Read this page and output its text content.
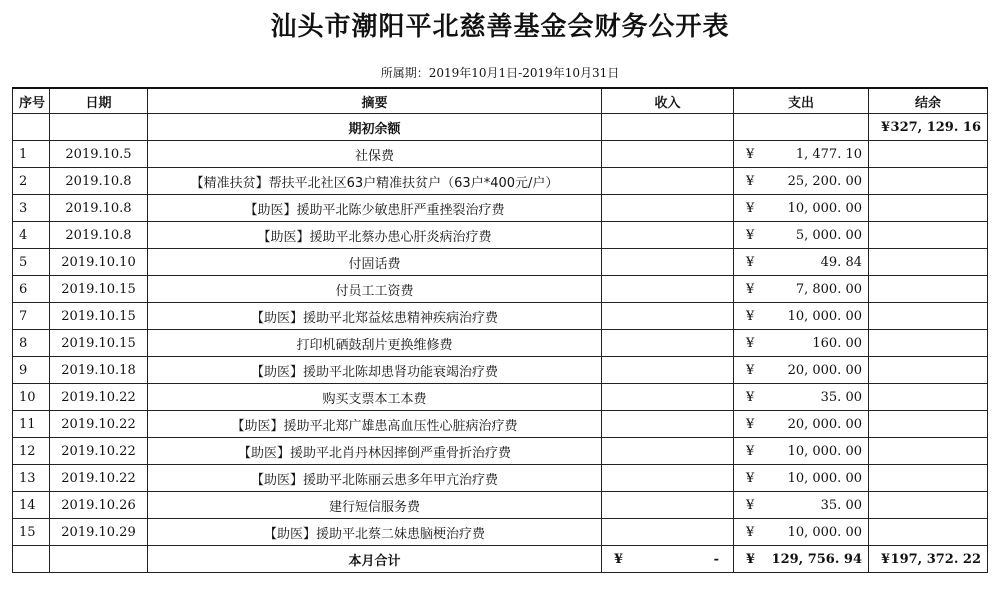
汕头市潮阳平北慈善基金会财务公开表
所属期：2019年10月1日-2019年10月31日
序号	日期	摘要	收入	支出	结余
		期初余额			¥ 327, 129. 16
1	2019.10.5	社保费		¥ 1, 477. 10	
2	2019.10.8	【精准扶贫】帮扶平北社区63户精准扶贫户（63户*400元/户）		¥ 25, 200. 00	
3	2019.10.8	【助医】援助平北陈少敏患肝严重挫裂治疗费		¥ 10, 000. 00	
4	2019.10.8	【助医】援助平北蔡办患心肝炎病治疗费		¥ 5, 000. 00	
5	2019.10.10	付固话费		¥ 49. 84	
6	2019.10.15	付员工工资费		¥ 7, 800. 00	
7	2019.10.15	【助医】援助平北郑益炫患精神疾病治疗费		¥ 10, 000. 00	
8	2019.10.15	打印机硒鼓刮片更换维修费		¥ 160. 00	
9	2019.10.18	【助医】援助平北陈却患肾功能衰竭治疗费		¥ 20, 000. 00	
10	2019.10.22	购买支票本工本费		¥ 35. 00	
11	2019.10.22	【助医】援助平北郑广雄患高血压性心脏病治疗费		¥ 20, 000. 00	
12	2019.10.22	【助医】援助平北肖丹林因摔倒严重骨折治疗费		¥ 10, 000. 00	
13	2019.10.22	【助医】援助平北陈丽云患多年甲亢治疗费		¥ 10, 000. 00	
14	2019.10.26	建行短信服务费		¥ 35. 00	
15	2019.10.29	【助医】援助平北蔡二妹患脑梗治疗费		¥ 10, 000. 00	
		本月合计	¥ -	¥ 129, 756. 94	¥ 197, 372. 22
